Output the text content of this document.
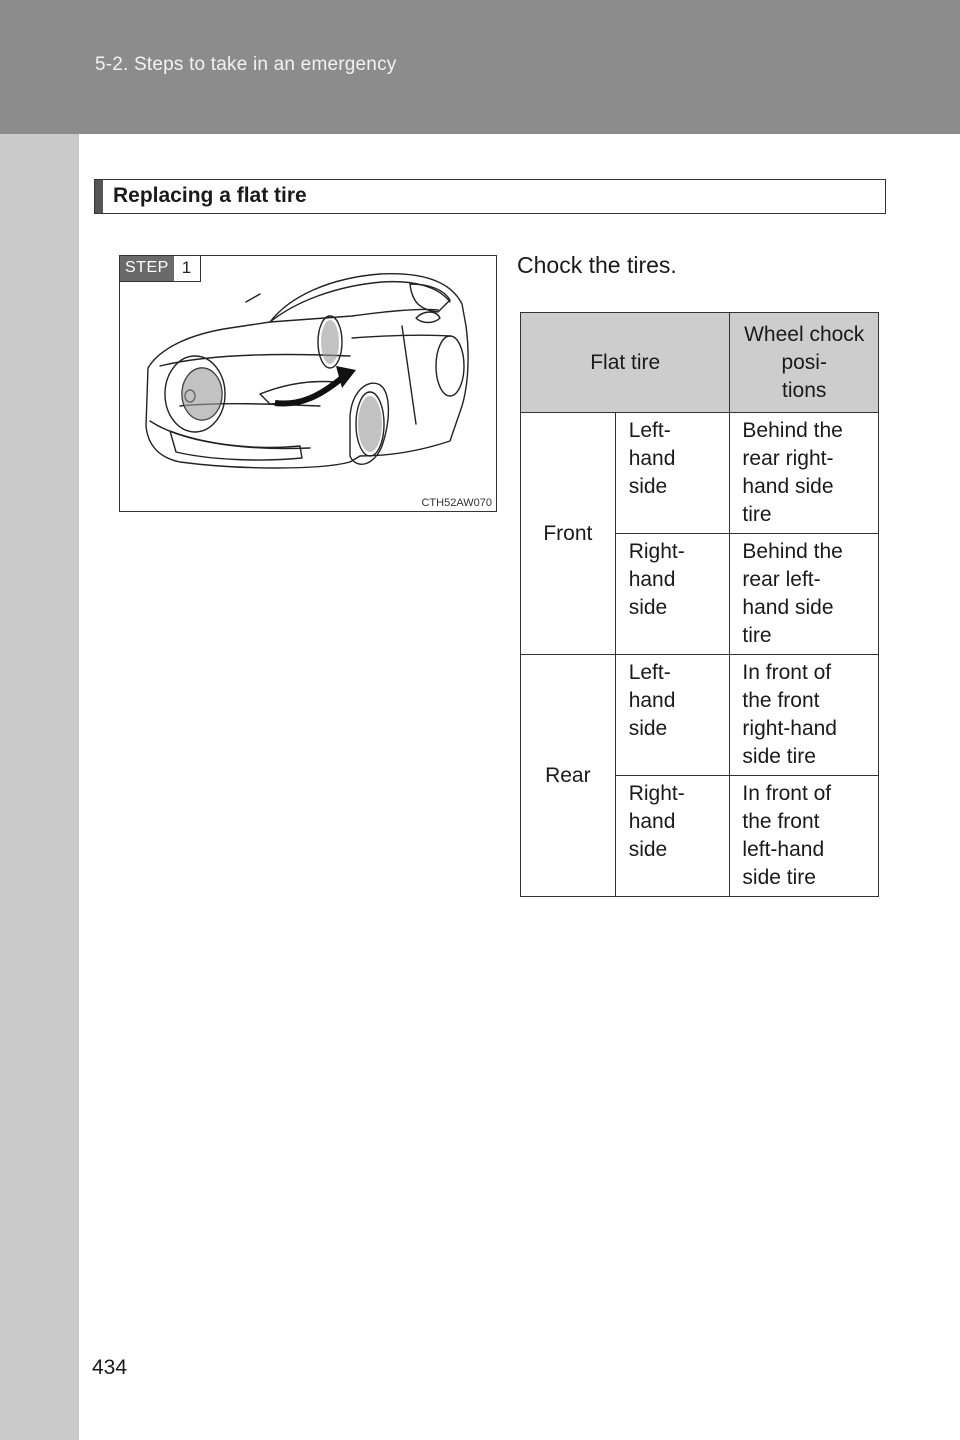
5-2. Steps to take in an emergency
Replacing a flat tire
STEP 1
CTH52AW070
Chock the tires.
Flat tire		Wheel chock posi-
tions
Front	Left-
hand
side	Behind the
rear right-
hand side
tire
	Right-
hand
side	Behind the
rear left-
hand side
tire
Rear	Left-
hand
side	In front of
the front
right-hand
side tire
	Right-
hand
side	In front of
the front
left-hand
side tire
434
